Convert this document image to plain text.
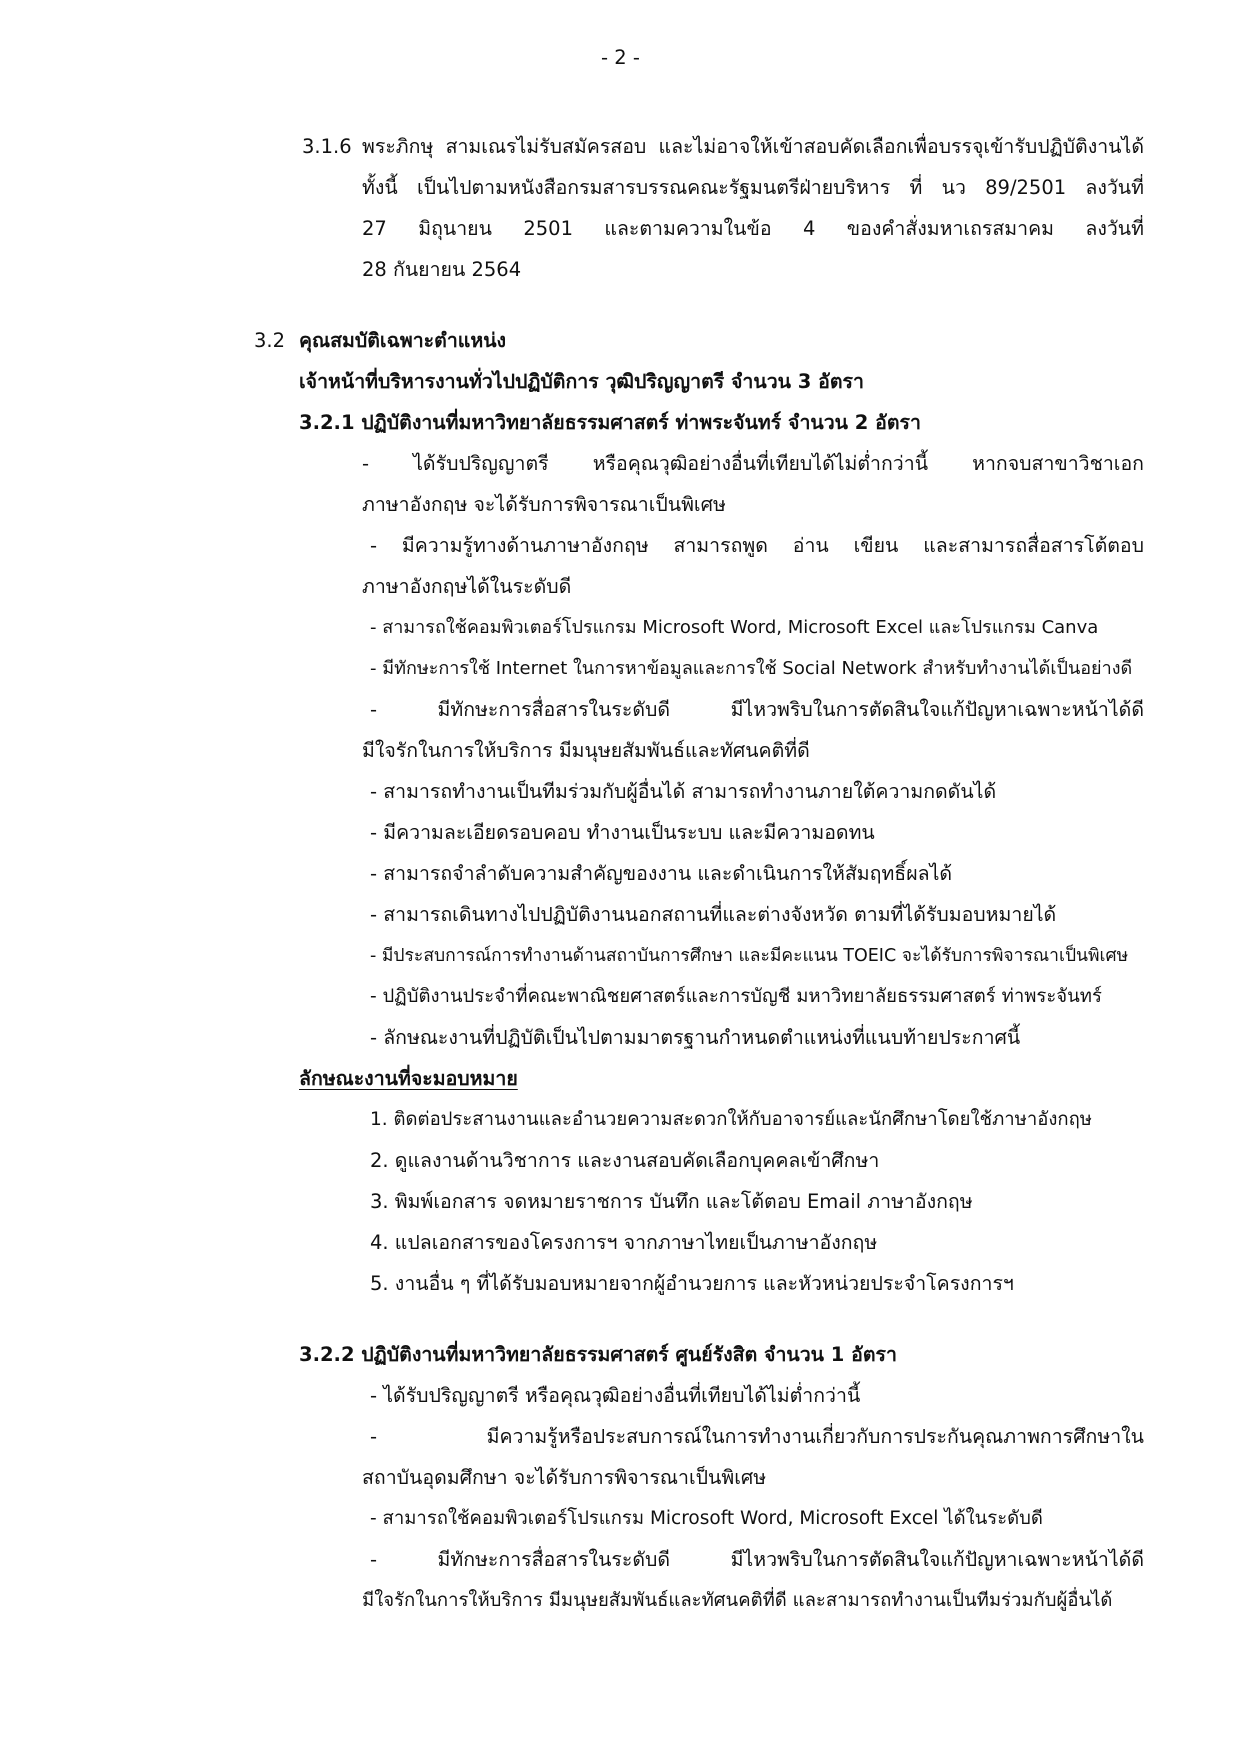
- 2 -
3.1.6 พระภิกษุ สามเณรไม่รับสมัครสอบ และไม่อาจให้เข้าสอบคัดเลือกเพื่อบรรจุเข้ารับปฏิบัติงานได้
ทั้งนี้ เป็นไปตามหนังสือกรมสารบรรณคณะรัฐมนตรีฝ่ายบริหาร ที่ นว 89/2501 ลงวันที่
27 มิถุนายน 2501 และตามความในข้อ 4 ของคำสั่งมหาเถรสมาคม ลงวันที่
28 กันยายน 2564
3.2 คุณสมบัติเฉพาะตำแหน่ง
เจ้าหน้าที่บริหารงานทั่วไปปฏิบัติการ วุฒิปริญญาตรี จำนวน 3 อัตรา
3.2.1 ปฏิบัติงานที่มหาวิทยาลัยธรรมศาสตร์ ท่าพระจันทร์ จำนวน 2 อัตรา
- ได้รับปริญญาตรี หรือคุณวุฒิอย่างอื่นที่เทียบได้ไม่ต่ำกว่านี้ หากจบสาขาวิชาเอก
ภาษาอังกฤษ จะได้รับการพิจารณาเป็นพิเศษ
- มีความรู้ทางด้านภาษาอังกฤษ สามารถพูด อ่าน เขียน และสามารถสื่อสารโต้ตอบ
ภาษาอังกฤษได้ในระดับดี
- สามารถใช้คอมพิวเตอร์โปรแกรม Microsoft Word, Microsoft Excel และโปรแกรม Canva
- มีทักษะการใช้ Internet ในการหาข้อมูลและการใช้ Social Network สำหรับทำงานได้เป็นอย่างดี
- มีทักษะการสื่อสารในระดับดี มีไหวพริบในการตัดสินใจแก้ปัญหาเฉพาะหน้าได้ดี
มีใจรักในการให้บริการ มีมนุษยสัมพันธ์และทัศนคติที่ดี
- สามารถทำงานเป็นทีมร่วมกับผู้อื่นได้ สามารถทำงานภายใต้ความกดดันได้
- มีความละเอียดรอบคอบ ทำงานเป็นระบบ และมีความอดทน
- สามารถจำลำดับความสำคัญของงาน และดำเนินการให้สัมฤทธิ์ผลได้
- สามารถเดินทางไปปฏิบัติงานนอกสถานที่และต่างจังหวัด ตามที่ได้รับมอบหมายได้
- มีประสบการณ์การทำงานด้านสถาบันการศึกษา และมีคะแนน TOEIC จะได้รับการพิจารณาเป็นพิเศษ
- ปฏิบัติงานประจำที่คณะพาณิชยศาสตร์และการบัญชี มหาวิทยาลัยธรรมศาสตร์ ท่าพระจันทร์
- ลักษณะงานที่ปฏิบัติเป็นไปตามมาตรฐานกำหนดตำแหน่งที่แนบท้ายประกาศนี้
ลักษณะงานที่จะมอบหมาย
1. ติดต่อประสานงานและอำนวยความสะดวกให้กับอาจารย์และนักศึกษาโดยใช้ภาษาอังกฤษ
2. ดูแลงานด้านวิชาการ และงานสอบคัดเลือกบุคคลเข้าศึกษา
3. พิมพ์เอกสาร จดหมายราชการ บันทึก และโต้ตอบ Email ภาษาอังกฤษ
4. แปลเอกสารของโครงการฯ จากภาษาไทยเป็นภาษาอังกฤษ
5. งานอื่น ๆ ที่ได้รับมอบหมายจากผู้อำนวยการ และหัวหน่วยประจำโครงการฯ
3.2.2 ปฏิบัติงานที่มหาวิทยาลัยธรรมศาสตร์ ศูนย์รังสิต จำนวน 1 อัตรา
- ได้รับปริญญาตรี หรือคุณวุฒิอย่างอื่นที่เทียบได้ไม่ต่ำกว่านี้
- มีความรู้หรือประสบการณ์ในการทำงานเกี่ยวกับการประกันคุณภาพการศึกษาใน
สถาบันอุดมศึกษา จะได้รับการพิจารณาเป็นพิเศษ
- สามารถใช้คอมพิวเตอร์โปรแกรม Microsoft Word, Microsoft Excel ได้ในระดับดี
- มีทักษะการสื่อสารในระดับดี มีไหวพริบในการตัดสินใจแก้ปัญหาเฉพาะหน้าได้ดี
มีใจรักในการให้บริการ มีมนุษยสัมพันธ์และทัศนคติที่ดี และสามารถทำงานเป็นทีมร่วมกับผู้อื่นได้
